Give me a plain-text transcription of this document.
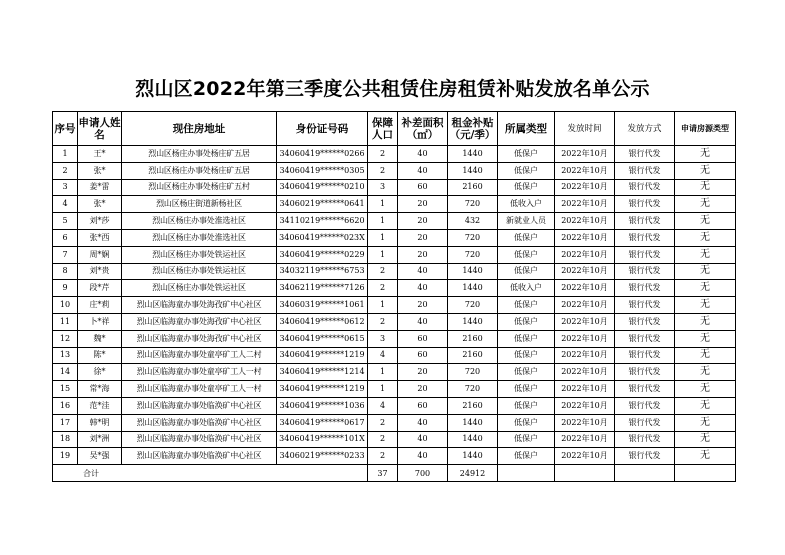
烈山区2022年第三季度公共租赁住房租赁补贴发放名单公示
序号	申请人姓名	现住房地址	身份证号码	保障人口	补差面积（㎡）	租金补贴（元/季）	所属类型	发放时间	发放方式	申请房源类型
1	王*	烈山区杨庄办事处杨庄矿五居	34060419******0266	2	40	1440	低保户	2022年10月	银行代发	无
2	张*	烈山区杨庄办事处杨庄矿五居	34060419******0305	2	40	1440	低保户	2022年10月	银行代发	无
3	姜*雷	烈山区杨庄办事处杨庄矿五村	34060419******0210	3	60	2160	低保户	2022年10月	银行代发	无
4	张*	烈山区杨庄街道新杨社区	34060219******0641	1	20	720	低收入户	2022年10月	银行代发	无
5	刘*莎	烈山区杨庄办事处淮选社区	34110219******6620	1	20	432	新就业人员	2022年10月	银行代发	无
6	张*西	烈山区杨庄办事处淮选社区	34060419******023X	1	20	720	低保户	2022年10月	银行代发	无
7	周*娴	烈山区杨庄办事处铁运社区	34060419******0229	1	20	720	低保户	2022年10月	银行代发	无
8	刘*贵	烈山区杨庄办事处铁运社区	34032119******6753	2	40	1440	低保户	2022年10月	银行代发	无
9	段*芹	烈山区杨庄办事处铁运社区	34062119******7126	2	40	1440	低收入户	2022年10月	银行代发	无
10	庄*莉	烈山区临海童办事处海孜矿中心社区	34060319******1061	1	20	720	低保户	2022年10月	银行代发	无
11	卜*祥	烈山区临海童办事处海孜矿中心社区	34060419******0612	2	40	1440	低保户	2022年10月	银行代发	无
12	魏*	烈山区临海童办事处海孜矿中心社区	34060419******0615	3	60	2160	低保户	2022年10月	银行代发	无
13	陈*	烈山区临海童办事处童亭矿工人二村	34060419******1219	4	60	2160	低保户	2022年10月	银行代发	无
14	徐*	烈山区临海童办事处童亭矿工人一村	34060419******1214	1	20	720	低保户	2022年10月	银行代发	无
15	常*海	烈山区临海童办事处童亭矿工人一村	34060419******1219	1	20	720	低保户	2022年10月	银行代发	无
16	范*洼	烈山区临海童办事处临涣矿中心社区	34060419******1036	4	60	2160	低保户	2022年10月	银行代发	无
17	韩*明	烈山区临海童办事处临涣矿中心社区	34060419******0617	2	40	1440	低保户	2022年10月	银行代发	无
18	刘*洲	烈山区临海童办事处临涣矿中心社区	34060419******101X	2	40	1440	低保户	2022年10月	银行代发	无
19	吴*强	烈山区临海童办事处临涣矿中心社区	34060219******0233	2	40	1440	低保户	2022年10月	银行代发	无
合计				37	700	24912				
